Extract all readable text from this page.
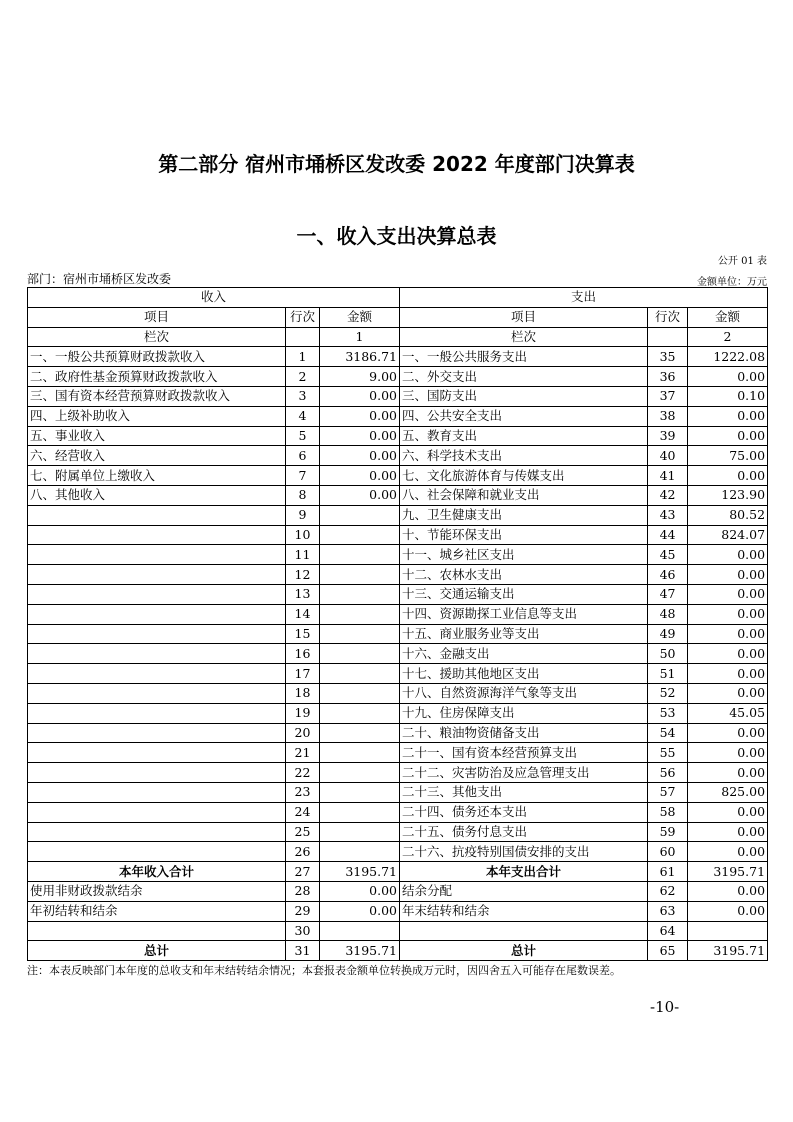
第二部分 宿州市埇桥区发改委 2022 年度部门决算表
一、收入支出决算总表
公开 01 表
部门：宿州市埇桥区发改委	金额单位：万元
收入			支出		
项目	行次	金额	项目	行次	金额
栏次		1	栏次		2
一、一般公共预算财政拨款收入	1	3186.71	一、一般公共服务支出	35	1222.08
二、政府性基金预算财政拨款收入	2	9.00	二、外交支出	36	0.00
三、国有资本经营预算财政拨款收入	3	0.00	三、国防支出	37	0.10
四、上级补助收入	4	0.00	四、公共安全支出	38	0.00
五、事业收入	5	0.00	五、教育支出	39	0.00
六、经营收入	6	0.00	六、科学技术支出	40	75.00
七、附属单位上缴收入	7	0.00	七、文化旅游体育与传媒支出	41	0.00
八、其他收入	8	0.00	八、社会保障和就业支出	42	123.90
	9		九、卫生健康支出	43	80.52
	10		十、节能环保支出	44	824.07
	11		十一、城乡社区支出	45	0.00
	12		十二、农林水支出	46	0.00
	13		十三、交通运输支出	47	0.00
	14		十四、资源勘探工业信息等支出	48	0.00
	15		十五、商业服务业等支出	49	0.00
	16		十六、金融支出	50	0.00
	17		十七、援助其他地区支出	51	0.00
	18		十八、自然资源海洋气象等支出	52	0.00
	19		十九、住房保障支出	53	45.05
	20		二十、粮油物资储备支出	54	0.00
	21		二十一、国有资本经营预算支出	55	0.00
	22		二十二、灾害防治及应急管理支出	56	0.00
	23		二十三、其他支出	57	825.00
	24		二十四、债务还本支出	58	0.00
	25		二十五、债务付息支出	59	0.00
	26		二十六、抗疫特别国债安排的支出	60	0.00
本年收入合计	27	3195.71	本年支出合计	61	3195.71
使用非财政拨款结余	28	0.00	结余分配	62	0.00
年初结转和结余	29	0.00	年末结转和结余	63	0.00
	30			64	
总计	31	3195.71	总计	65	3195.71
注：本表反映部门本年度的总收支和年末结转结余情况；本套报表金额单位转换成万元时，因四舍五入可能存在尾数误差。
-10-
